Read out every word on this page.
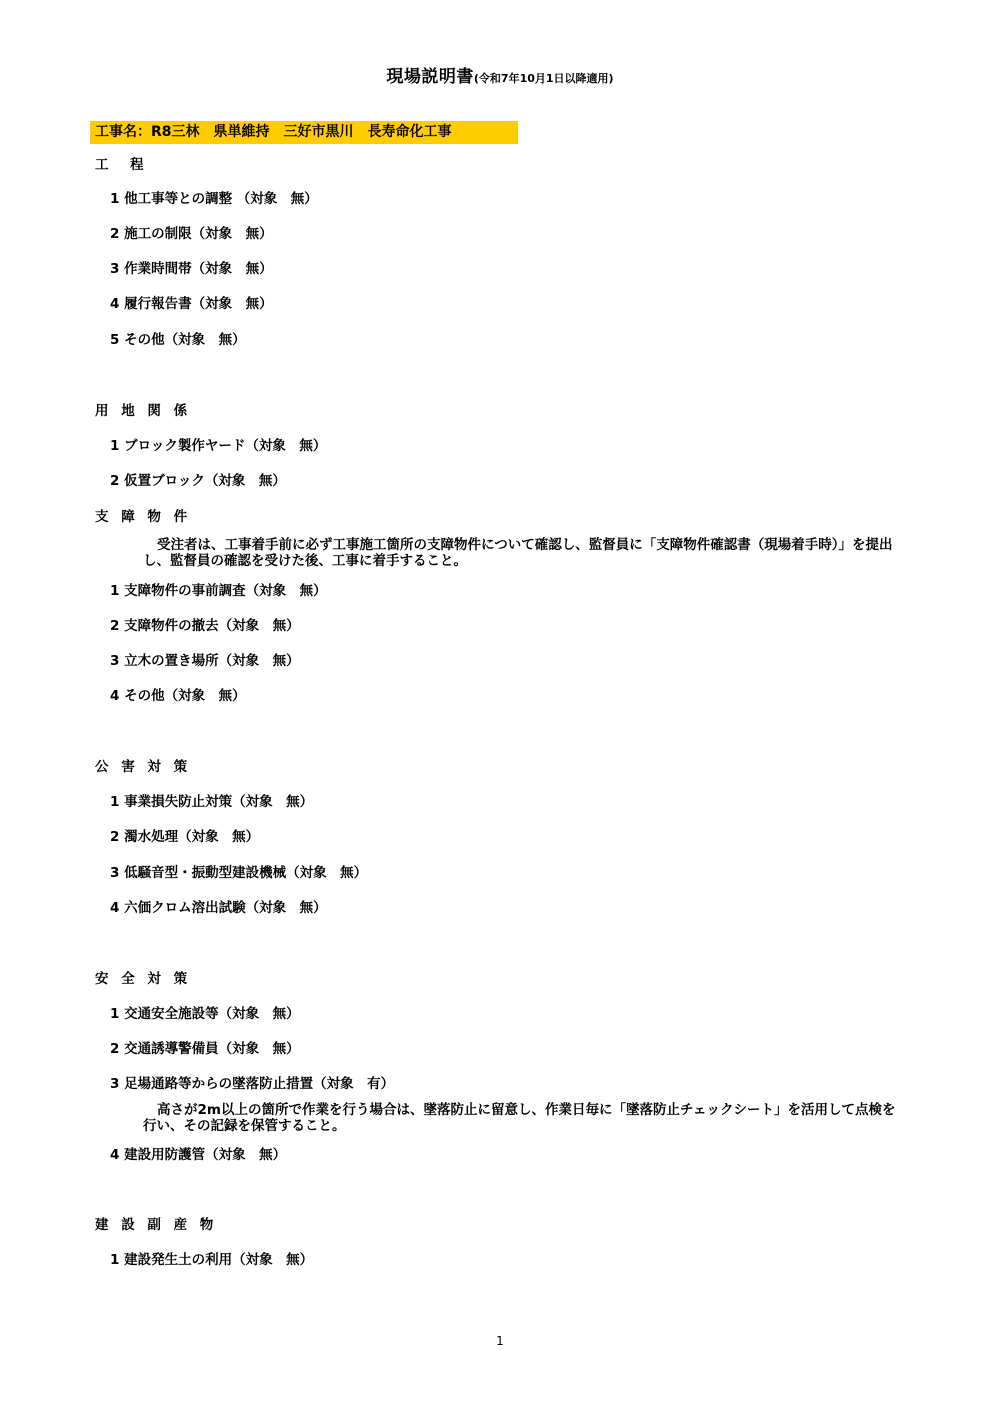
現場説明書(令和7年10月1日以降適用)
工事名：R8三林　県単維持　三好市黒川　長寿命化工事
工　程
1 他工事等との調整 （対象　無）
2 施工の制限（対象　無）
3 作業時間帯（対象　無）
4 履行報告書（対象　無）
5 その他（対象　無）
用 地 関 係
1 ブロック製作ヤード（対象　無）
2 仮置ブロック（対象　無）
支 障 物 件
受注者は、工事着手前に必ず工事施工箇所の支障物件について確認し、監督員に「支障物件確認書（現場着手時）」を提出し、監督員の確認を受けた後、工事に着手すること。
1 支障物件の事前調査（対象　無）
2 支障物件の撤去（対象　無）
3 立木の置き場所（対象　無）
4 その他（対象　無）
公 害 対 策
1 事業損失防止対策（対象　無）
2 濁水処理（対象　無）
3 低騒音型・振動型建設機械（対象　無）
4 六価クロム溶出試験（対象　無）
安 全 対 策
1 交通安全施設等（対象　無）
2 交通誘導警備員（対象　無）
3 足場通路等からの墜落防止措置（対象　有）
高さが2m以上の箇所で作業を行う場合は、墜落防止に留意し、作業日毎に「墜落防止チェックシート」を活用して点検を行い、その記録を保管すること。
4 建設用防護管（対象　無）
建 設 副 産 物
1 建設発生土の利用（対象　無）
1
